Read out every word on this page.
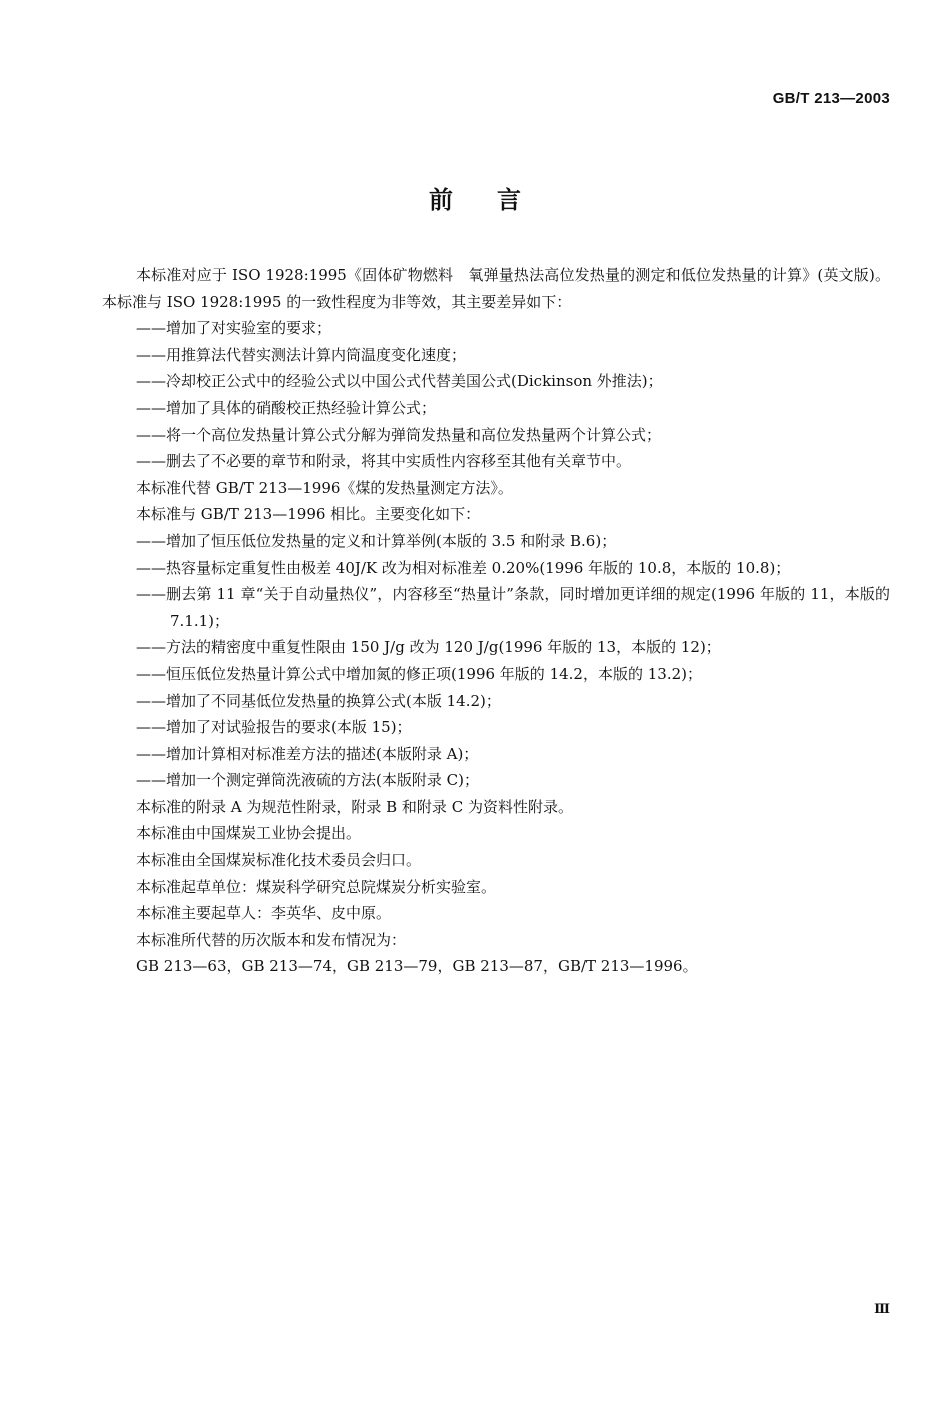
GB/T 213—2003
前言

本标准对应于 ISO 1928:1995《固体矿物燃料　氧弹量热法高位发热量的测定和低位发热量的计算》(英文版)。本标准与 ISO 1928:1995 的一致性程度为非等效，其主要差异如下：

——增加了对实验室的要求；

——用推算法代替实测法计算内筒温度变化速度；

——冷却校正公式中的经验公式以中国公式代替美国公式(Dickinson 外推法)；

——增加了具体的硝酸校正热经验计算公式；

——将一个高位发热量计算公式分解为弹筒发热量和高位发热量两个计算公式；

——删去了不必要的章节和附录，将其中实质性内容移至其他有关章节中。

本标准代替 GB/T 213—1996《煤的发热量测定方法》。

本标准与 GB/T 213—1996 相比。主要变化如下：

——增加了恒压低位发热量的定义和计算举例(本版的 3.5 和附录 B.6)；

——热容量标定重复性由极差 40J/K 改为相对标准差 0.20%(1996 年版的 10.8，本版的 10.8)；

——删去第 11 章“关于自动量热仪”，内容移至“热量计”条款，同时增加更详细的规定(1996 年版的 11，本版的 7.1.1)；

——方法的精密度中重复性限由 150 J/g 改为 120 J/g(1996 年版的 13，本版的 12)；

——恒压低位发热量计算公式中增加氮的修正项(1996 年版的 14.2，本版的 13.2)；

——增加了不同基低位发热量的换算公式(本版 14.2)；

——增加了对试验报告的要求(本版 15)；

——增加计算相对标准差方法的描述(本版附录 A)；

——增加一个测定弹筒洗液硫的方法(本版附录 C)；

本标准的附录 A 为规范性附录，附录 B 和附录 C 为资料性附录。

本标准由中国煤炭工业协会提出。

本标准由全国煤炭标准化技术委员会归口。

本标准起草单位：煤炭科学研究总院煤炭分析实验室。

本标准主要起草人：李英华、皮中原。

本标准所代替的历次版本和发布情况为：

GB 213—63，GB 213—74，GB 213—79，GB 213—87，GB/T 213—1996。

Ⅲ
